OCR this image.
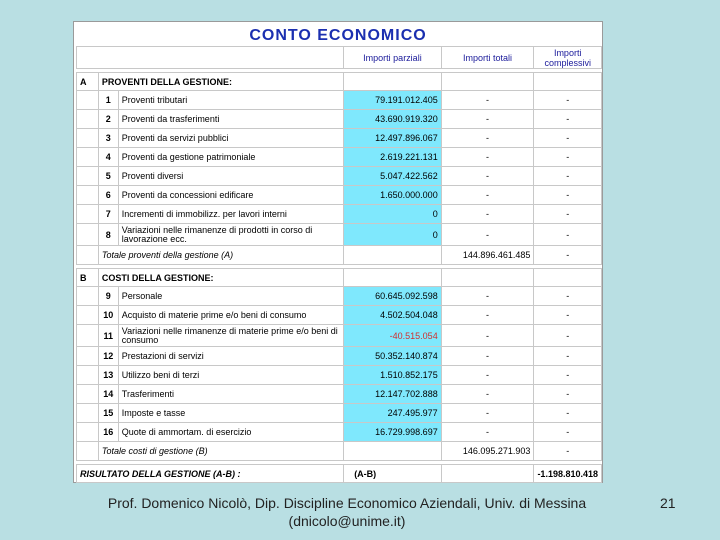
CONTO ECONOMICO
			Importi parziali	Importi totali	Importi complessivi

A	PROVENTI DELLA GESTIONE:				
	1	Proventi tributari	79.191.012.405	-	-
	2	Proventi da trasferimenti	43.690.919.320	-	-
	3	Proventi da servizi pubblici	12.497.896.067	-	-
	4	Proventi da gestione patrimoniale	2.619.221.131	-	-
	5	Proventi diversi	5.047.422.562	-	-
	6	Proventi da concessioni edificare	1.650.000.000	-	-
	7	Incrementi di immobilizz. per lavori interni	0	-	-
	8	Variazioni nelle rimanenze di prodotti in corso di lavorazione ecc.	0	-	-
	Totale proventi della gestione (A)			144.896.461.485	-

B	COSTI DELLA GESTIONE:				
	9	Personale	60.645.092.598	-	-
	10	Acquisto di materie prime e/o beni di consumo	4.502.504.048	-	-
	11	Variazioni nelle rimanenze di materie prime e/o beni di consumo	-40.515.054	-	-
	12	Prestazioni di servizi	50.352.140.874	-	-
	13	Utilizzo beni di terzi	1.510.852.175	-	-
	14	Trasferimenti	12.147.702.888	-	-
	15	Imposte e tasse	247.495.977	-	-
	16	Quote di ammortam. di esercizio	16.729.998.697	-	-
	Totale costi di gestione (B)			146.095.271.903	-

RISULTATO DELLA GESTIONE (A-B) :			(A-B)		-1.198.810.418
Prof. Domenico Nicolò, Dip. Discipline Economico Aziendali, Univ. di Messina
(dnicolo@unime.it)
21
